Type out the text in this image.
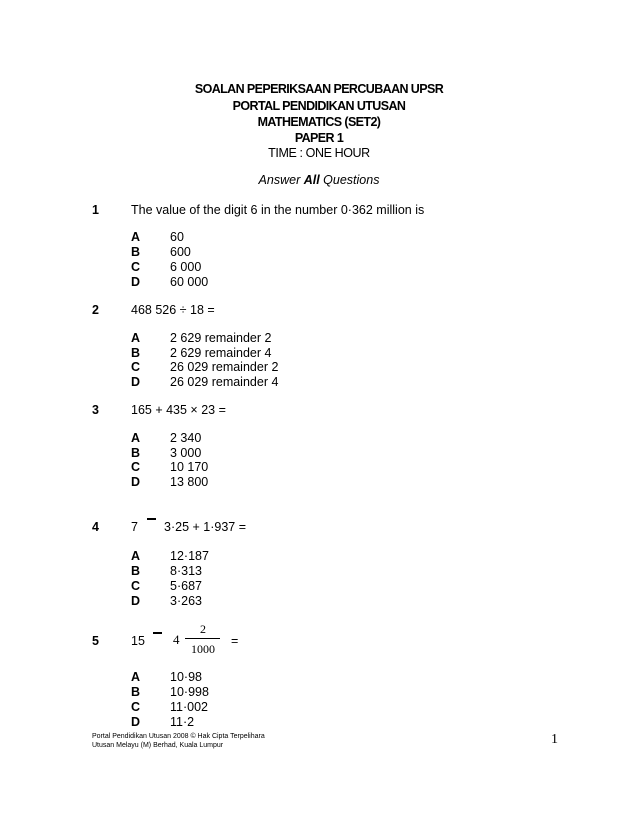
SOALAN PEPERIKSAAN PERCUBAAN UPSR
PORTAL PENDIDIKAN UTUSAN
MATHEMATICS (SET2)
PAPER 1
TIME : ONE HOUR
Answer All Questions
1	The value of the digit 6 in the number 0·362 million is
A 60
B 600
C 6 000
D 60 000
2	468 526 ÷ 18 =
A 2 629 remainder 2
B 2 629 remainder 4
C 26 029 remainder 2
D 26 029 remainder 4
3	165 + 435 × 23 =
A 2 340
B 3 000
C 10 170
D 13 800
4	7 3·25 + 1·937 =
A 12·187
B 8·313
C 5·687
D 3·263
5	15 4
2
1000
=
A 10·98
B 10·998
C 11·002
D 11·2
Portal Pendidikan Utusan 2008 © Hak Cipta Terpelihara
Utusan Melayu (M) Berhad, Kuala Lumpur	1
